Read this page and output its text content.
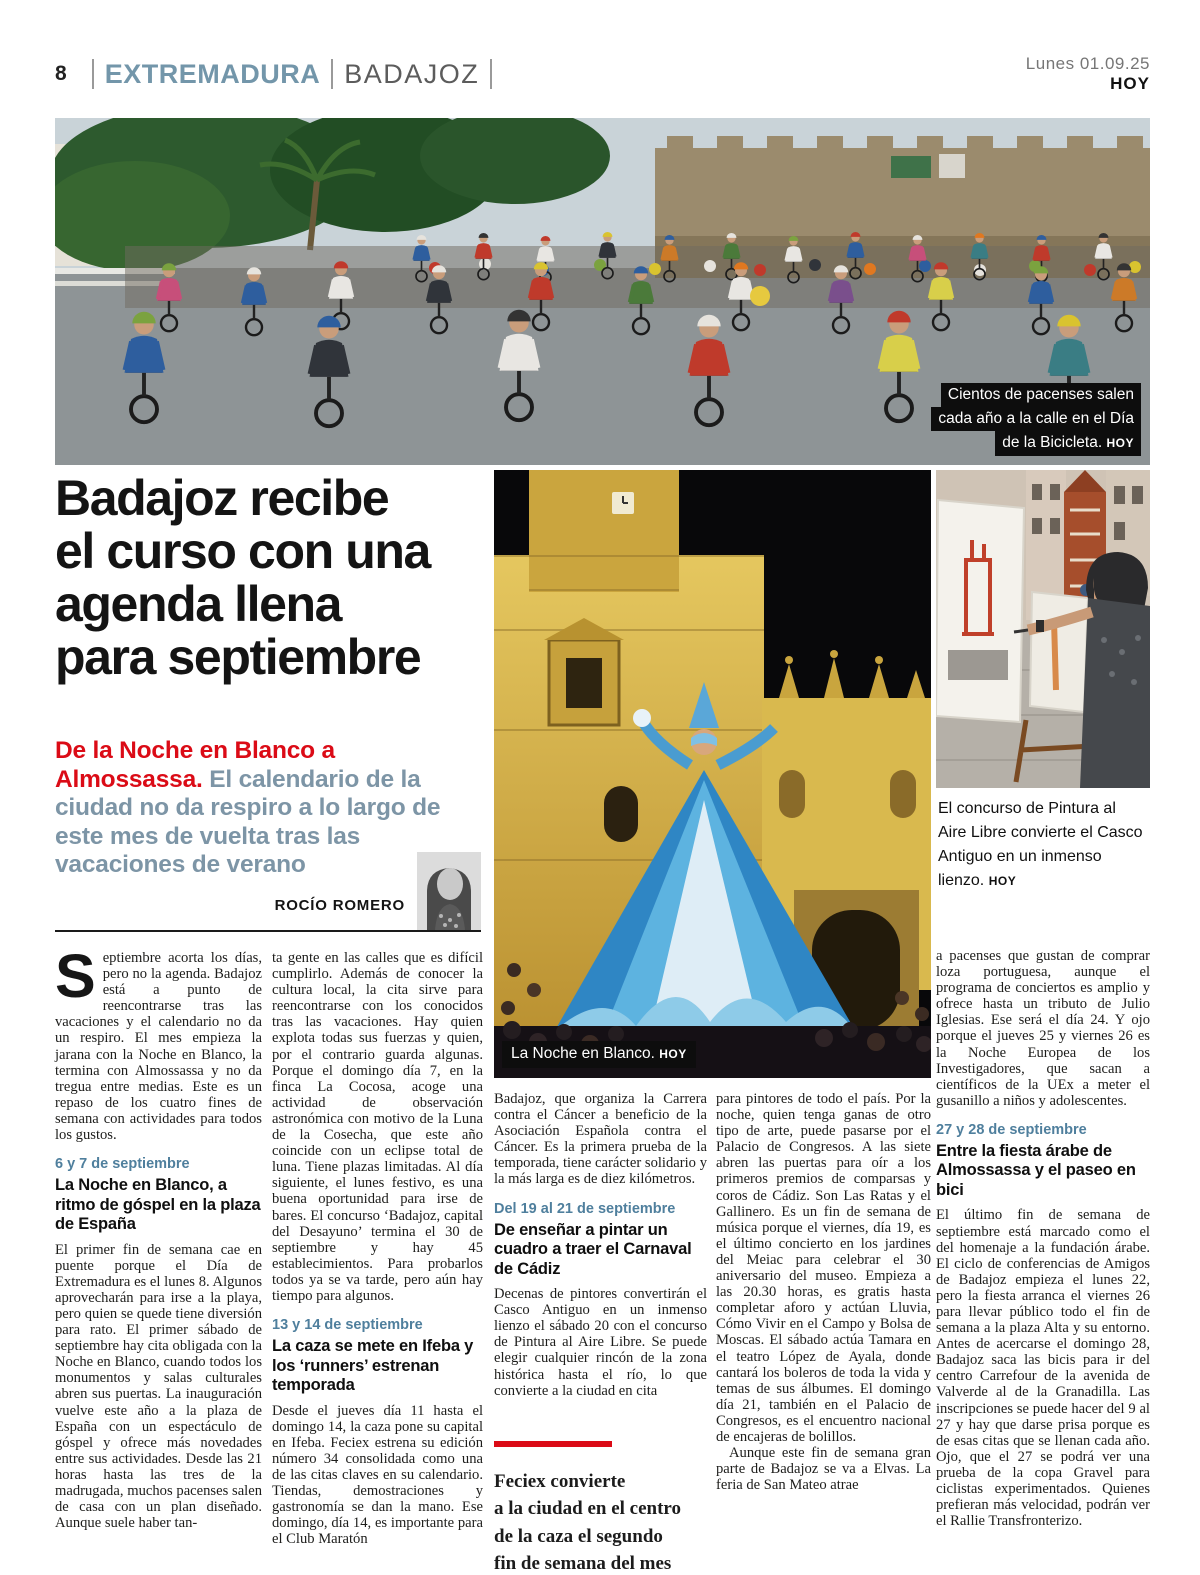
8 EXTREMADURA BADAJOZ	Lunes 01.09.25
HOY
Cientos de pacenses salen
cada año a la calle en el Día
de la Bicicleta. HOY
Badajoz recibe
el curso con una
agenda llena
para septiembre
De la Noche en Blanco a Almossassa. El calendario de la ciudad no da respiro a lo largo de este mes de vuelta tras las vacaciones de verano
ROCÍO ROMERO
La Noche en Blanco. HOY
El concurso de Pintura al Aire Libre convierte el Casco Antiguo en un inmenso lienzo. HOY

Septiembre acorta los días, pero no la agenda. Badajoz está a punto de reencontrarse tras las vacaciones y el calendario no da un respiro. El mes empieza la jarana con la Noche en Blanco, la termina con Almossassa y no da tregua entre medias. Este es un repaso de los cuatro fines de semana con actividades para todos los gustos.

6 y 7 de septiembre
La Noche en Blanco, a ritmo de góspel en la plaza de España

El primer fin de semana cae en puente porque el Día de Extremadura es el lunes 8. Algunos aprovecharán para irse a la playa, pero quien se quede tiene diversión para rato. El primer sábado de septiembre hay cita obligada con la Noche en Blanco, cuando todos los monumentos y salas culturales abren sus puertas. La inauguración vuelve este año a la plaza de España con un espectáculo de góspel y ofrece más novedades entre sus actividades. Desde las 21 horas hasta las tres de la madrugada, muchos pacenses salen de casa con un plan diseñado. Aunque suele haber tan-

ta gente en las calles que es difícil cumplirlo. Además de conocer la cultura local, la cita sirve para reencontrarse con los conocidos tras las vacaciones. Hay quien explota todas sus fuerzas y quien, por el contrario guarda algunas. Porque el domingo día 7, en la finca La Cocosa, acoge una actividad de observación astronómica con motivo de la Luna de la Cosecha, que este año coincide con un eclipse total de luna. Tiene plazas limitadas. Al día siguiente, el lunes festivo, es una buena oportunidad para irse de bares. El concurso ‘Badajoz, capital del Desayuno’ termina el 30 de septiembre y hay 45 establecimientos. Para probarlos todos ya se va tarde, pero aún hay tiempo para algunos.

13 y 14 de septiembre
La caza se mete en Ifeba y los ‘runners’ estrenan temporada

Desde el jueves día 11 hasta el domingo 14, la caza pone su capital en Ifeba. Feciex estrena su edición número 34 consolidada como una de las citas claves en su calendario. Tiendas, demostraciones y gastronomía se dan la mano. Ese domingo, día 14, es importante para el Club Maratón

Badajoz, que organiza la Carrera contra el Cáncer a beneficio de la Asociación Española contra el Cáncer. Es la primera prueba de la temporada, tiene carácter solidario y la más larga es de diez kilómetros.

Del 19 al 21 de septiembre
De enseñar a pintar un cuadro a traer el Carnaval de Cádiz

Decenas de pintores convertirán el Casco Antiguo en un inmenso lienzo el sábado 20 con el concurso de Pintura al Aire Libre. Se puede elegir cualquier rincón de la zona histórica hasta el río, lo que convierte a la ciudad en cita

Feciex convierte
a la ciudad en el centro
de la caza el segundo
fin de semana del mes

para pintores de todo el país. Por la noche, quien tenga ganas de otro tipo de arte, puede pasarse por el Palacio de Congresos. A las siete abren las puertas para oír a los primeros premios de comparsas y coros de Cádiz. Son Las Ratas y el Gallinero. Es un fin de semana de música porque el viernes, día 19, es el último concierto en los jardines del Meiac para celebrar el 30 aniversario del museo. Empieza a las 20.30 horas, es gratis hasta completar aforo y actúan Lluvia, Cómo Vivir en el Campo y Bolsa de Moscas. El sábado actúa Tamara en el teatro López de Ayala, donde cantará los boleros de toda la vida y temas de sus álbumes. El domingo día 21, también en el Palacio de Congresos, es el encuentro nacional de encajeras de bolillos.

Aunque este fin de semana gran parte de Badajoz se va a Elvas. La feria de San Mateo atrae

a pacenses que gustan de comprar loza portuguesa, aunque el programa de conciertos es amplio y ofrece hasta un tributo de Julio Iglesias. Ese será el día 24. Y ojo porque el jueves 25 y viernes 26 es la Noche Europea de los Investigadores, que sacan a científicos de la UEx a meter el gusanillo a niños y adolescentes.

27 y 28 de septiembre
Entre la fiesta árabe de Almossassa y el paseo en bici

El último fin de semana de septiembre está marcado como el del homenaje a la fundación árabe. El ciclo de conferencias de Amigos de Badajoz empieza el lunes 22, pero la fiesta arranca el viernes 26 para llevar público todo el fin de semana a la plaza Alta y su entorno. Antes de acercarse el domingo 28, Badajoz saca las bicis para ir del centro Carrefour de la avenida de Valverde al de la Granadilla. Las inscripciones se puede hacer del 9 al 27 y hay que darse prisa porque es de esas citas que se llenan cada año. Ojo, que el 27 se podrá ver una prueba de la copa Gravel para ciclistas experimentados. Quienes prefieran más velocidad, podrán ver el Rallie Transfronterizo.
